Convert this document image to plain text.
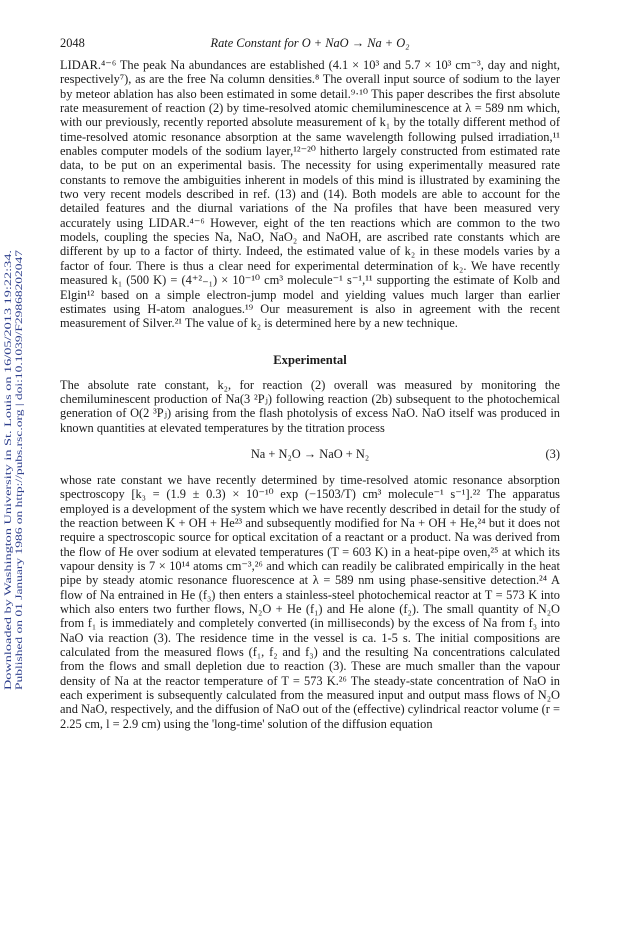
2048	Rate Constant for O + NaO → Na + O₂
Downloaded by Washington University in St. Louis on 16/05/2013 19:22:34. Published on 01 January 1986 on http://pubs.rsc.org | doi:10.1039/F29868202047

LIDAR.⁴⁻⁶ The peak Na abundances are established (4.1 × 10³ and 5.7 × 10³ cm⁻³, day and night, respectively⁷), as are the free Na column densities.⁸ The overall input source of sodium to the layer by meteor ablation has also been estimated in some detail.⁹·¹⁰ This paper describes the first absolute rate measurement of reaction (2) by time-resolved atomic chemiluminescence at λ = 589 nm which, with our previously, recently reported absolute measurement of k₁ by the totally different method of time-resolved atomic resonance absorption at the same wavelength following pulsed irradiation,¹¹ enables computer models of the sodium layer,¹²⁻²⁰ hitherto largely constructed from estimated rate data, to be put on an experimental basis. The necessity for using experimentally measured rate constants to remove the ambiguities inherent in models of this mind is illustrated by examining the two very recent models described in ref. (13) and (14). Both models are able to account for the detailed features and the diurnal variations of the Na profiles that have been measured very accurately using LIDAR.⁴⁻⁶ However, eight of the ten reactions which are common to the two models, coupling the species Na, NaO, NaO₂ and NaOH, are ascribed rate constants which are different by up to a factor of thirty. Indeed, the estimated value of k₂ in these models varies by a factor of four. There is thus a clear need for experimental determination of k₂. We have recently measured k₁ (500 K) = (4⁺²₋₁) × 10⁻¹⁰ cm³ molecule⁻¹ s⁻¹,¹¹ supporting the estimate of Kolb and Elgin¹² based on a simple electron-jump model and yielding values much larger than earlier estimates using H-atom analogues.¹⁹ Our measurement is also in agreement with the recent measurement of Silver.²¹ The value of k₂ is determined here by a new technique.

Experimental

The absolute rate constant, k₂, for reaction (2) overall was measured by monitoring the chemiluminescent production of Na(3 ²Pⱼ) following reaction (2b) subsequent to the photochemical generation of O(2 ³Pⱼ) arising from the flash photolysis of excess NaO. NaO itself was produced in known quantities at elevated temperatures by the titration process

Na + N₂O → NaO + N₂	(3)

whose rate constant we have recently determined by time-resolved atomic resonance absorption spectroscopy [k₃ = (1.9 ± 0.3) × 10⁻¹⁰ exp (−1503/T) cm³ molecule⁻¹ s⁻¹].²² The apparatus employed is a development of the system which we have recently described in detail for the study of the reaction between K + OH + He²³ and subsequently modified for Na + OH + He,²⁴ but it does not require a spectroscopic source for optical excitation of a reactant or a product. Na was derived from the flow of He over sodium at elevated temperatures (T = 603 K) in a heat-pipe oven,²⁵ at which its vapour density is 7 × 10¹⁴ atoms cm⁻³,²⁶ and which can readily be calibrated empirically in the heat pipe by steady atomic resonance fluorescence at λ = 589 nm using phase-sensitive detection.²⁴ A flow of Na entrained in He (f₃) then enters a stainless-steel photochemical reactor at T = 573 K into which also enters two further flows, N₂O + He (f₁) and He alone (f₂). The small quantity of N₂O from f₁ is immediately and completely converted (in milliseconds) by the excess of Na from f₃ into NaO via reaction (3). The residence time in the vessel is ca. 1-5 s. The initial compositions are calculated from the measured flows (f₁, f₂ and f₃) and the resulting Na concentrations calculated from the flows and small depletion due to reaction (3). These are much smaller than the vapour density of Na at the reactor temperature of T = 573 K.²⁶ The steady-state concentration of NaO in each experiment is subsequently calculated from the measured input and output mass flows of N₂O and NaO, respectively, and the diffusion of NaO out of the (effective) cylindrical reactor volume (r = 2.25 cm, l = 2.9 cm) using the 'long-time' solution of the diffusion equation
